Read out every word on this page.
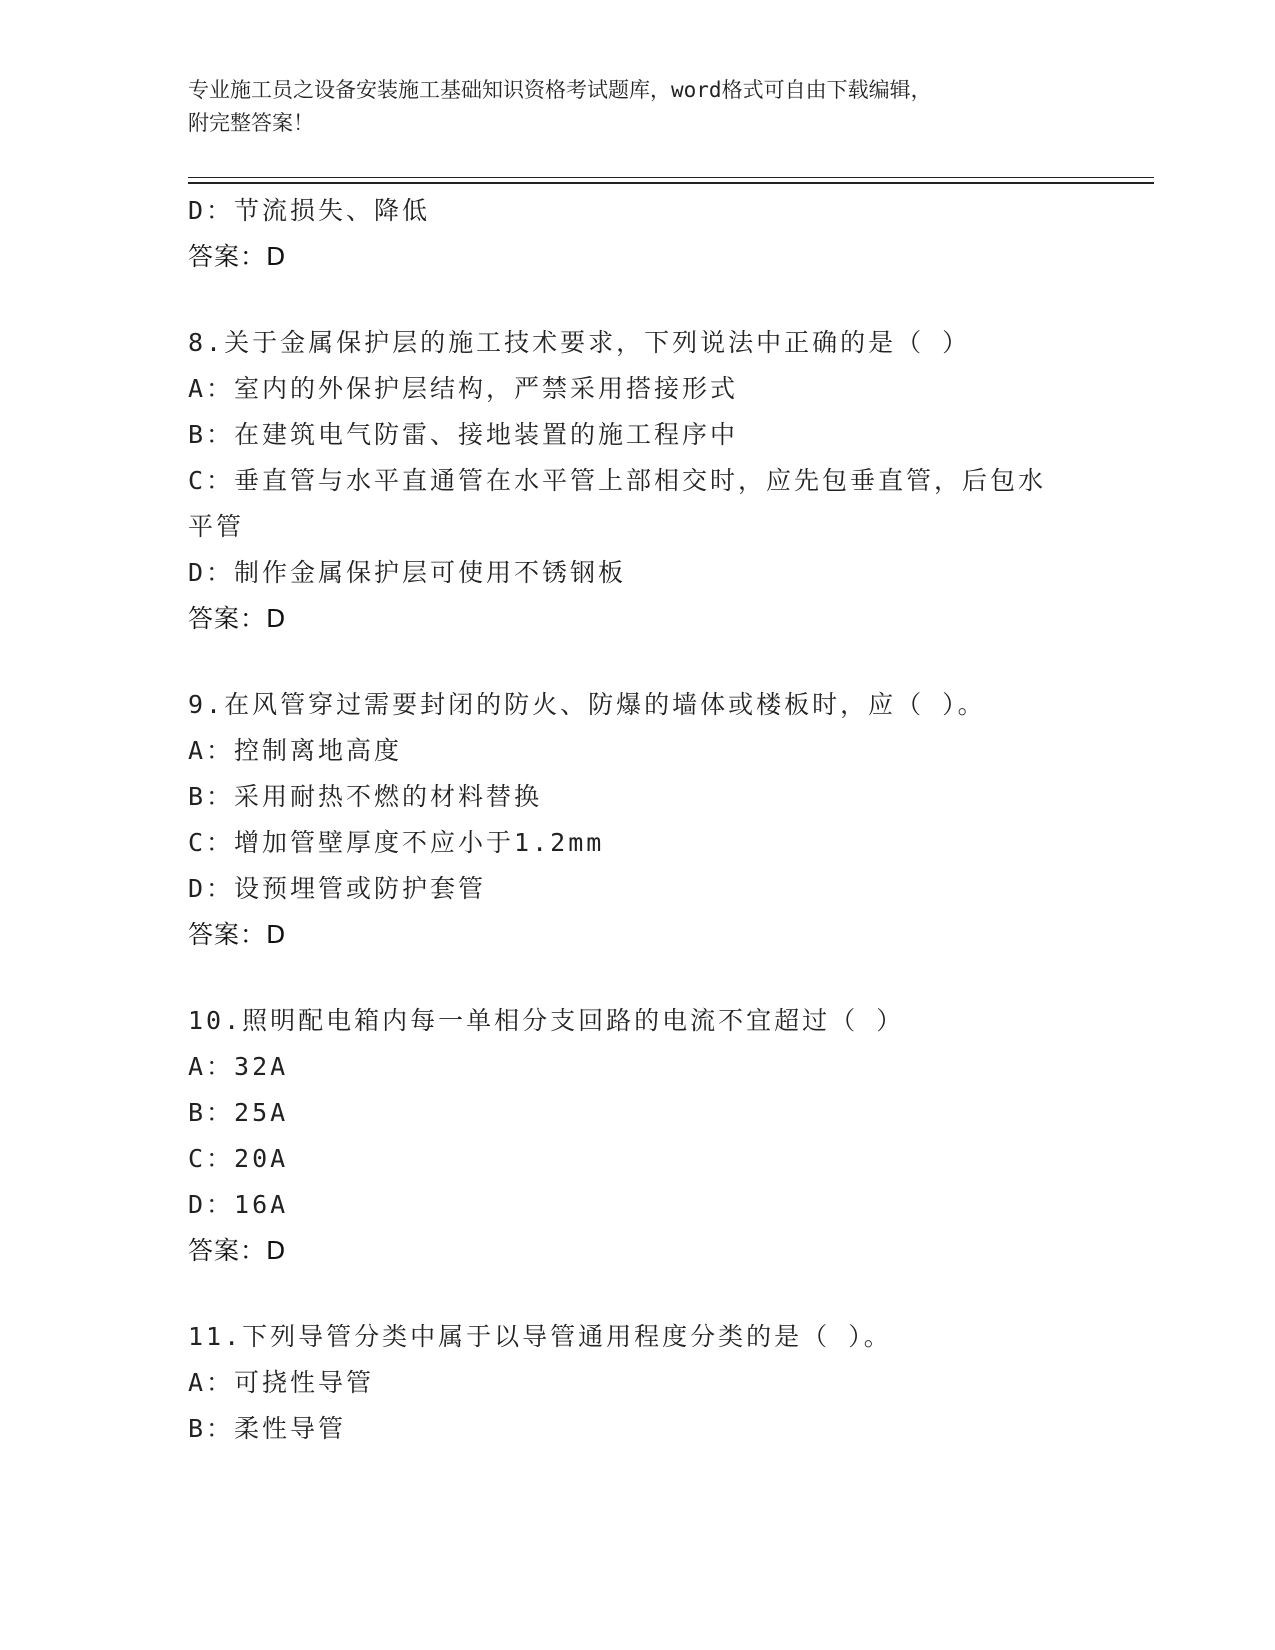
专业施工员之设备安装施工基础知识资格考试题库，word格式可自由下载编辑，
附完整答案！
D：节流损失、降低
答案：D
8.关于金属保护层的施工技术要求，下列说法中正确的是（ ）
A：室内的外保护层结构，严禁采用搭接形式
B：在建筑电气防雷、接地装置的施工程序中
C：垂直管与水平直通管在水平管上部相交时，应先包垂直管，后包水
平管
D：制作金属保护层可使用不锈钢板
答案：D
9.在风管穿过需要封闭的防火、防爆的墙体或楼板时，应（ ）。
A：控制离地高度
B：采用耐热不燃的材料替换
C：增加管壁厚度不应小于1.2mm
D：设预埋管或防护套管
答案：D
10.照明配电箱内每一单相分支回路的电流不宜超过（ ）
A：32A
B：25A
C：20A
D：16A
答案：D
11.下列导管分类中属于以导管通用程度分类的是（ ）。
A：可挠性导管
B：柔性导管
